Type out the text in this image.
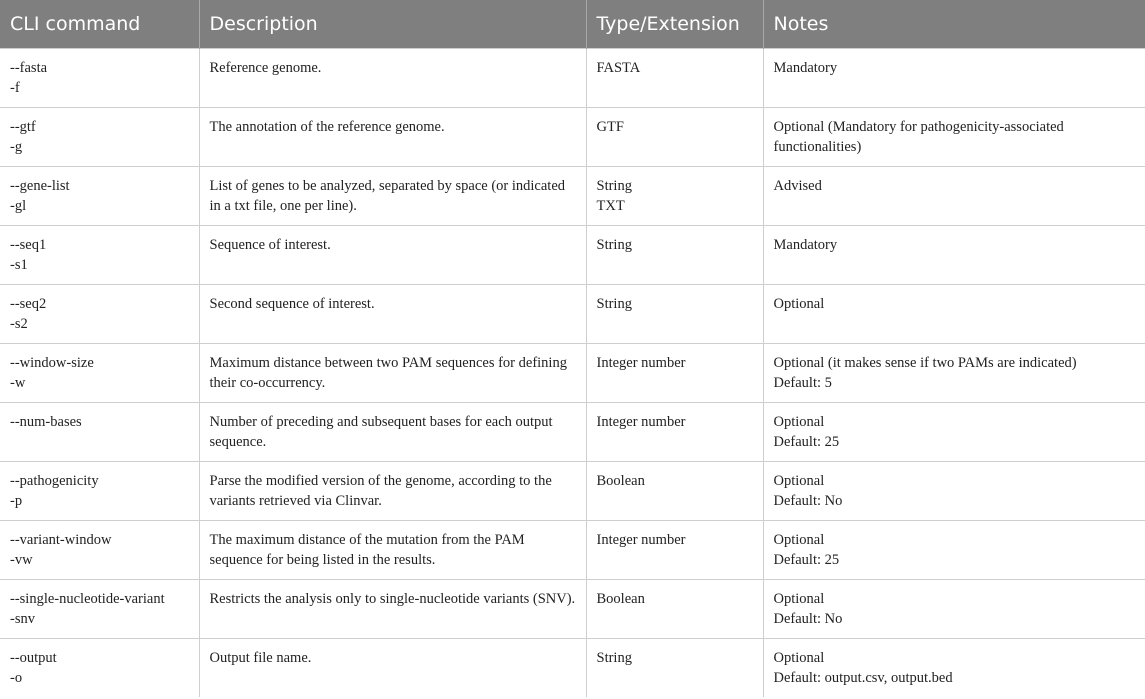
CLI command	Description	Type/Extension	Notes

--fasta
-f	Reference genome.	FASTA	Mandatory

--gtf
-g	The annotation of the reference genome.	GTF	Optional (Mandatory for pathogenicity-associated functionalities)

--gene-list
-gl	List of genes to be analyzed, separated by space (or indicated in a txt file, one per line).	String
TXT	Advised

--seq1
-s1	Sequence of interest.	String	Mandatory

--seq2
-s2	Second sequence of interest.	String	Optional

--window-size
-w	Maximum distance between two PAM sequences for defining their co-occurrency.	Integer number	Optional (it makes sense if two PAMs are indicated)
Default: 5

--num-bases	Number of preceding and subsequent bases for each output sequence.	Integer number	Optional
Default: 25

--pathogenicity
-p	Parse the modified version of the genome, according to the variants retrieved via Clinvar.	Boolean	Optional
Default: No

--variant-window
-vw	The maximum distance of the mutation from the PAM sequence for being listed in the results.	Integer number	Optional
Default: 25

--single-nucleotide-variant
-snv	Restricts the analysis only to single-nucleotide variants (SNV).	Boolean	Optional
Default: No

--output
-o	Output file name.	String	Optional
Default: output.csv, output.bed
